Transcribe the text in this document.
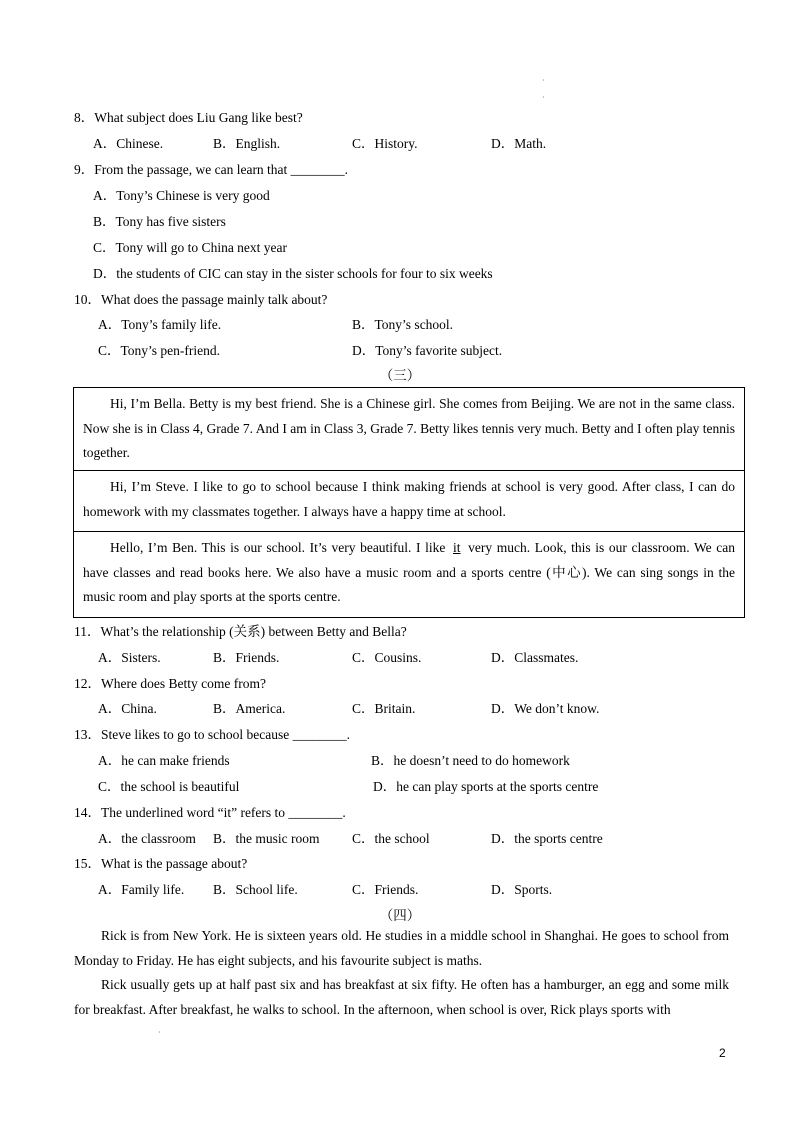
·
·
8．What subject does Liu Gang like best?
A．Chinese.	B．English.	C．History.	D．Math.
9．From the passage, we can learn that ________.
A．Tony’s Chinese is very good
B．Tony has five sisters
C．Tony will go to China next year
D．the students of CIC can stay in the sister schools for four to six weeks
10．What does the passage mainly talk about?
A．Tony’s family life.	B．Tony’s school.
C．Tony’s pen-friend.	D．Tony’s favorite subject.
（三）

Hi, I’m Bella. Betty is my best friend. She is a Chinese girl. She comes from Beijing. We are not in the same class. Now she is in Class 4, Grade 7. And I am in Class 3, Grade 7. Betty likes tennis very much. Betty and I often play tennis together.

Hi, I’m Steve. I like to go to school because I think making friends at school is very good. After class, I can do homework with my classmates together. I always have a happy time at school.

Hello, I’m Ben. This is our school. It’s very beautiful. I like it very much. Look, this is our classroom. We can have classes and read books here. We also have a music room and a sports centre (中心). We can sing songs in the music room and play sports at the sports centre.

11．What’s the relationship (关系) between Betty and Bella?
A．Sisters.	B．Friends.	C．Cousins.	D．Classmates.
12．Where does Betty come from?
A．China.	B．America.	C．Britain.	D．We don’t know.
13．Steve likes to go to school because ________.
A．he can make friends	B．he doesn’t need to do homework
C．the school is beautiful	D．he can play sports at the sports centre
14．The underlined word “it” refers to ________.
A．the classroom B．the music room C．the school	D．the sports centre
15．What is the passage about?
A．Family life. B．School life.	C．Friends.	D．Sports.
（四）

Rick is from New York. He is sixteen years old. He studies in a middle school in Shanghai. He goes to school from Monday to Friday. He has eight subjects, and his favourite subject is maths.

Rick usually gets up at half past six and has breakfast at six fifty. He often has a hamburger, an egg and some milk for breakfast. After breakfast, he walks to school. In the afternoon, when school is over, Rick plays sports with

·
2
